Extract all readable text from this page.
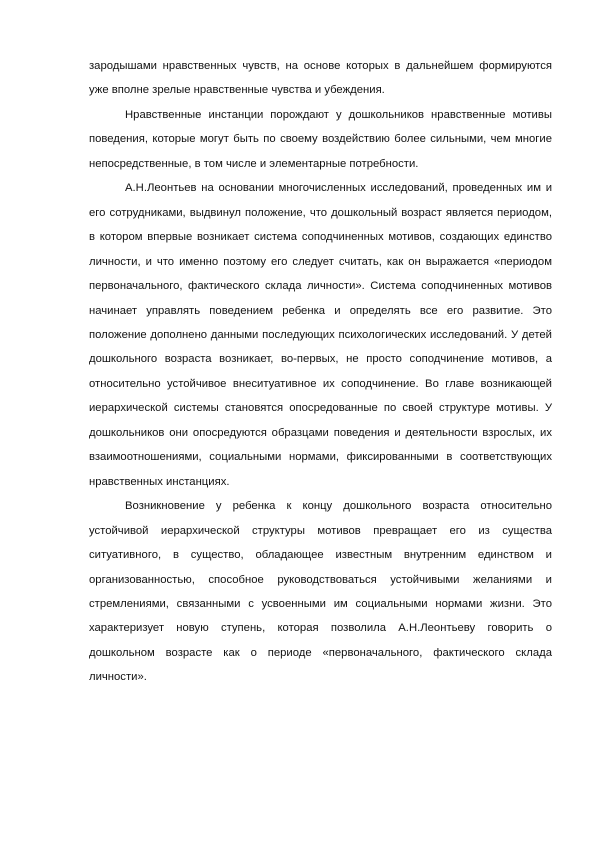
зародышами нравственных чувств, на основе которых в дальнейшем формируются уже вполне зрелые нравственные чувства и убеждения.

Нравственные инстанции порождают у дошкольников нравственные мотивы поведения, которые могут быть по своему воздействию более сильными, чем многие непосредственные, в том числе и элементарные потребности.

А.Н.Леонтьев на основании многочисленных исследований, проведенных им и его сотрудниками, выдвинул положение, что дошкольный возраст является периодом, в котором впервые возникает система соподчиненных мотивов, создающих единство личности, и что именно поэтому его следует считать, как он выражается «периодом первоначального, фактического склада личности». Система соподчиненных мотивов начинает управлять поведением ребенка и определять все его развитие. Это положение дополнено данными последующих психологических исследований. У детей дошкольного возраста возникает, во-первых, не просто соподчинение мотивов, а относительно устойчивое внеситуативное их соподчинение. Во главе возникающей иерархической системы становятся опосредованные по своей структуре мотивы. У дошкольников они опосредуются образцами поведения и деятельности взрослых, их взаимоотношениями, социальными нормами, фиксированными в соответствующих нравственных инстанциях.

Возникновение у ребенка к концу дошкольного возраста относительно устойчивой иерархической структуры мотивов превращает его из существа ситуативного, в существо, обладающее известным внутренним единством и организованностью, способное руководствоваться устойчивыми желаниями и стремлениями, связанными с усвоенными им социальными нормами жизни. Это характеризует новую ступень, которая позволила А.Н.Леонтьеву говорить о дошкольном возрасте как о периоде «первоначального, фактического склада личности».
